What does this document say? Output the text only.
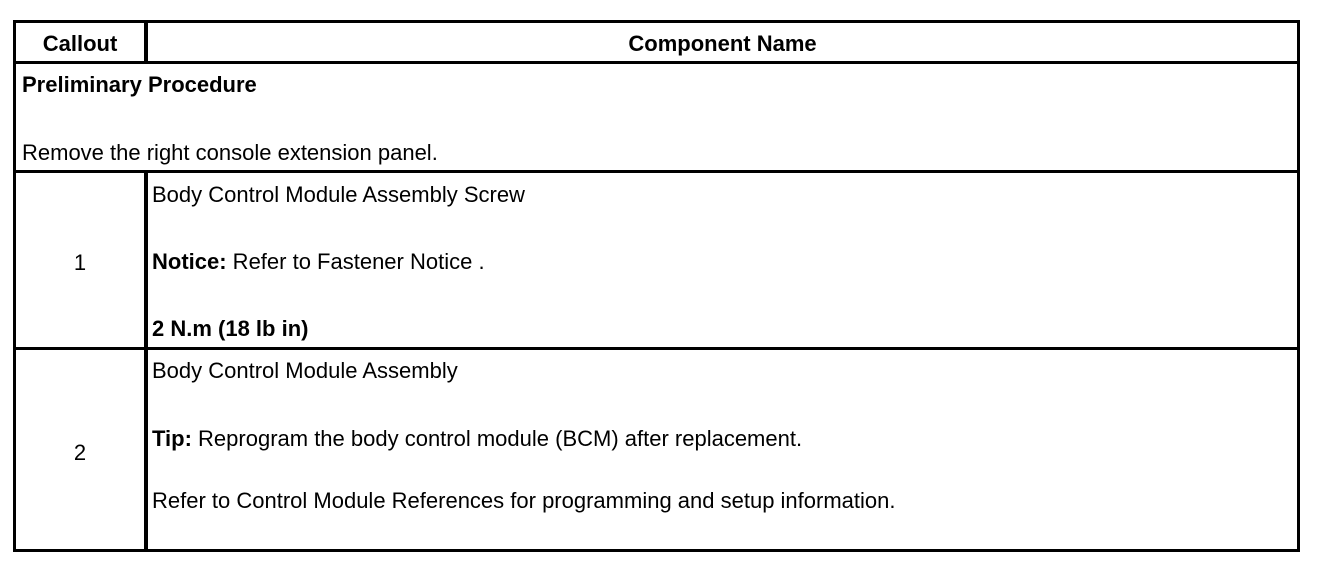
Callout	Component Name
Preliminary Procedure
Remove the right console extension panel.
1
Body Control Module Assembly Screw
Notice: Refer to Fastener Notice .
2 N.m (18 lb in)
2
Body Control Module Assembly
Tip: Reprogram the body control module (BCM) after replacement.
Refer to Control Module References for programming and setup information.
